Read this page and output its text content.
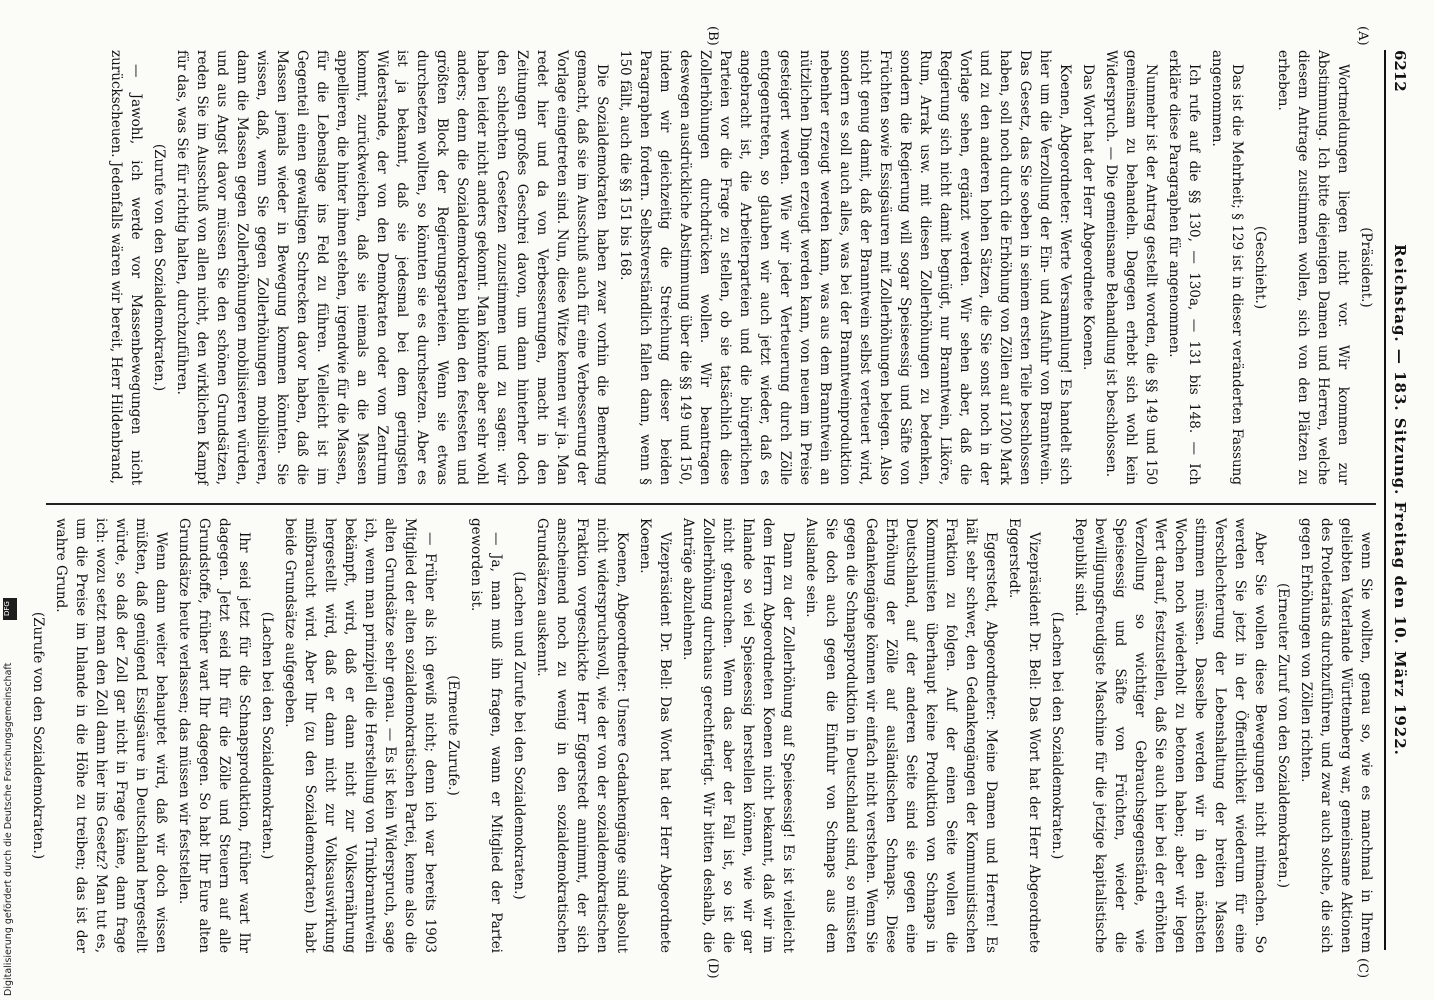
6212
Reichstag. — 183. Sitzung. Freitag den 10. März 1922.
(A)
(B)
(C)
(D)

(Präsident.)

Wortmeldungen liegen nicht vor. Wir kommen zur Abstimmung. Ich bitte diejenigen Damen und Herren, welche diesem Antrage zustimmen wollen, sich von den Plätzen zu erheben.

(Geschieht.)

Das ist die Mehrheit; § 129 ist in dieser veränderten Fassung angenommen.

Ich rufe auf die §§ 130, — 130a, — 131 bis 148. — Ich erkläre diese Paragraphen für angenommen.

Nunmehr ist der Antrag gestellt worden, die §§ 149 und 150 gemeinsam zu behandeln. Dagegen erhebt sich wohl kein Widerspruch. — Die gemeinsame Behandlung ist beschlossen.

Das Wort hat der Herr Abgeordnete Koenen.

Koenen, Abgeordneter: Werte Versammlung! Es handelt sich hier um die Verzollung der Ein- und Ausfuhr von Branntwein. Das Gesetz, das Sie soeben in seinem ersten Teile beschlossen haben, soll noch durch die Erhöhung von Zöllen auf 1200 Mark und zu den anderen hohen Sätzen, die Sie sonst noch in der Vorlage sehen, ergänzt werden. Wir sehen aber, daß die Regierung sich nicht damit begnügt, nur Branntwein, Liköre, Rum, Arrak usw. mit diesen Zollerhöhungen zu bedenken, sondern die Regierung will sogar Speiseessig und Säfte von Früchten sowie Essigsäuren mit Zollerhöhungen belegen. Also nicht genug damit, daß der Branntwein selbst verteuert wird, sondern es soll auch alles, was bei der Branntweinproduktion nebenher erzeugt werden kann, was aus dem Branntwein an nützlichen Dingen erzeugt werden kann, von neuem im Preise gesteigert werden. Wie wir jeder Verteuerung durch Zölle entgegentreten, so glauben wir auch jetzt wieder, daß es angebracht ist, die Arbeiterparteien und die bürgerlichen Parteien vor die Frage zu stellen, ob sie tatsächlich diese Zollerhöhungen durchdrücken wollen. Wir beantragen deswegen ausdrückliche Abstimmung über die §§ 149 und 150, indem wir gleichzeitig die Streichung dieser beiden Paragraphen fordern. Selbstverständlich fallen dann, wenn § 150 fällt, auch die §§ 151 bis 168.

Die Sozialdemokraten haben zwar vorhin die Bemerkung gemacht, daß sie im Ausschuß auch für eine Verbesserung der Vorlage eingetreten sind. Nun, diese Witze kennen wir ja. Man redet hier und da von Verbesserungen, macht in den Zeitungen großes Geschrei davon, um dann hinterher doch den schlechten Gesetzen zuzustimmen und zu sagen: wir haben leider nicht anders gekonnt. Man könnte aber sehr wohl anders; denn die Sozialdemokraten bilden den festesten und größten Block der Regierungsparteien. Wenn sie etwas durchsetzen wollten, so könnten sie es durchsetzen. Aber es ist ja bekannt, daß sie jedesmal bei dem geringsten Widerstande, der von den Demokraten oder vom Zentrum kommt, zurückweichen, daß sie niemals an die Massen appellieren, die hinter ihnen stehen, irgendwie für die Massen, für die Lebenslage ins Feld zu führen. Vielleicht ist im Gegenteil einen gewaltigen Schrecken davor haben, daß die Massen jemals wieder in Bewegung kommen könnten. Sie wissen, daß, wenn Sie gegen Zollerhöhungen mobilisieren, dann die Massen gegen Zollerhöhungen mobilisieren würden, und aus Angst davor müssen Sie den schönen Grundsätzen, reden Sie im Ausschuß von allen nicht, den wirklichen Kampf für das, was Sie für richtig halten, durchzuführen.

(Zurufe von den Sozialdemokraten.)

— Jawohl, ich werde vor Massenbewegungen nicht zurückscheuen. Jedenfalls wären wir bereit, Herr Hildenbrand,

wenn Sie wollten, genau so, wie es manchmal in Ihrem geliebten Vaterlande Württemberg war, gemeinsame Aktionen des Proletariats durchzuführen, und zwar auch solche, die sich gegen Erhöhungen von Zöllen richten.

(Erneuter Zuruf von den Sozialdemokraten.)

Aber Sie wollen diese Bewegungen nicht mitmachen. So werden Sie jetzt in der Öffentlichkeit wiederum für eine Verschlechterung der Lebenshaltung der breiten Massen stimmen müssen. Dasselbe werden wir in den nächsten Wochen noch wiederholt zu betonen haben; aber wir legen Wert darauf, festzustellen, daß Sie auch hier bei der erhöhten Verzollung so wichtiger Gebrauchsgegenstände, wie Speiseessig und Säfte von Früchten, wieder die bewilligungsfreudigste Maschine für die jetzige kapitalistische Republik sind.

(Lachen bei den Sozialdemokraten.)

Vizepräsident Dr. Bell: Das Wort hat der Herr Abgeordnete Eggerstedt.

Eggerstedt, Abgeordneter: Meine Damen und Herren! Es hält sehr schwer, den Gedankengängen der Kommunistischen Fraktion zu folgen. Auf der einen Seite wollen die Kommunisten überhaupt keine Produktion von Schnaps in Deutschland, auf der anderen Seite sind sie gegen eine Erhöhung der Zölle auf ausländischen Schnaps. Diese Gedankengänge können wir einfach nicht verstehen. Wenn Sie gegen die Schnapsproduktion in Deutschland sind, so müssten Sie doch auch gegen die Einfuhr von Schnaps aus dem Auslande sein.

Dann zu der Zollerhöhung auf Speiseessig! Es ist vielleicht dem Herrn Abgeordneten Koenen nicht bekannt, daß wir im Inlande so viel Speiseessig herstellen können, wie wir gar nicht gebrauchen. Wenn das aber der Fall ist, so ist die Zollerhöhung durchaus gerechtfertigt. Wir bitten deshalb, die Anträge abzulehnen.

Vizepräsident Dr. Bell: Das Wort hat der Herr Abgeordnete Koenen.

Koenen, Abgeordneter: Unsere Gedankengänge sind absolut nicht widerspruchsvoll, wie der von der sozialdemokratischen Fraktion vorgeschickte Herr Eggerstedt annimmt, der sich anscheinend noch zu wenig in den sozialdemokratischen Grundsätzen auskennt.

(Lachen und Zurufe bei den Sozialdemokraten.)

— Ja, man muß ihn fragen, wann er Mitglied der Partei geworden ist.

(Erneute Zurufe.)

— Früher als ich gewiß nicht; denn ich war bereits 1903 Mitglied der alten sozialdemokratischen Partei, kenne also die alten Grundsätze sehr genau. — Es ist kein Widerspruch, sage ich, wenn man prinzipiell die Herstellung von Trinkbranntwein bekämpft, wird, daß er dann nicht zur Volksernährung hergestellt wird, daß er dann nicht zur Volksauswirkung mißbraucht wird. Aber Ihr (zu den Sozialdemokraten) habt beide Grundsätze aufgegeben.

(Lachen bei den Sozialdemokraten.)

Ihr seid jetzt für die Schnapsproduktion, früher wart Ihr dagegen. Jetzt seid Ihr für die Zölle und Steuern auf alle Grundstoffe, früher wart Ihr dagegen. So habt Ihr Eure alten Grundsätze heute verlassen; das müssen wir feststellen.

Wenn dann weiter behauptet wird, daß wir doch wissen müßten, daß genügend Essigsäure in Deutschland hergestellt würde, so daß der Zoll gar nicht in Frage käme, dann frage ich: wozu setzt man den Zoll dann hier ins Gesetz? Man tut es, um die Preise im Inlande in die Höhe zu treiben; das ist der wahre Grund.

(Zurufe von den Sozialdemokraten.)

DFG
Digitalisierung gefördert durch die Deutsche Forschungsgemeinschaft
